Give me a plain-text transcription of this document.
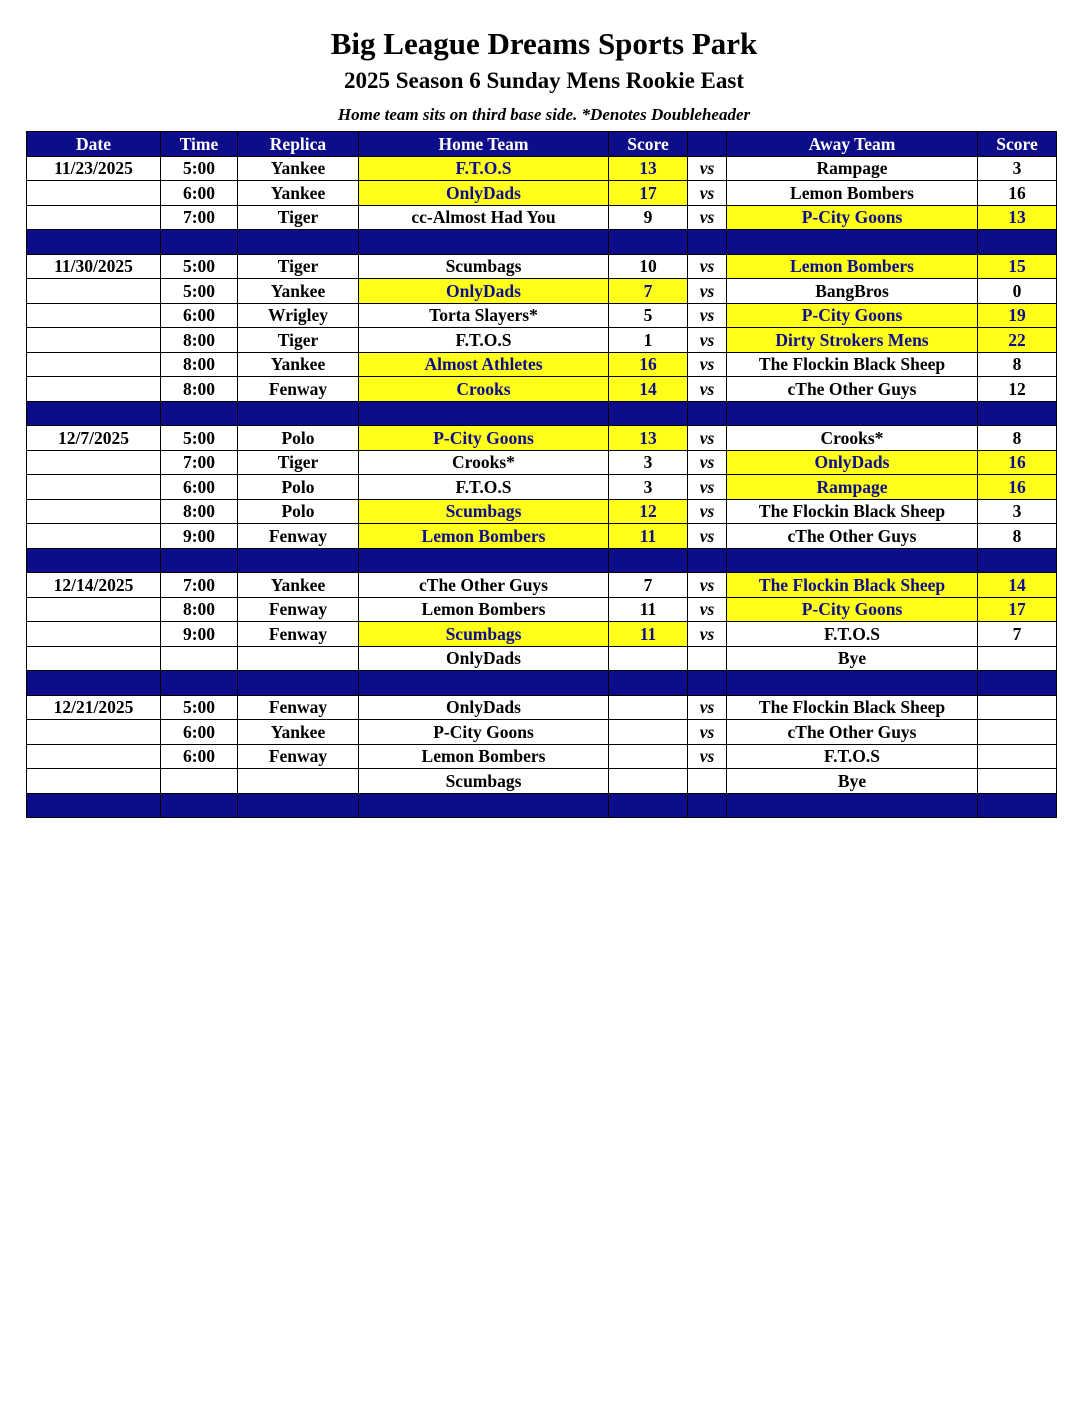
Big League Dreams Sports Park
2025 Season 6 Sunday Mens Rookie East
Home team sits on third base side. *Denotes Doubleheader
Date	Time	Replica	Home Team	Score		Away Team	Score
11/23/2025	5:00	Yankee	F.T.O.S	13	vs	Rampage	3
	6:00	Yankee	OnlyDads	17	vs	Lemon Bombers	16
	7:00	Tiger	cc-Almost Had You	9	vs	P-City Goons	13

11/30/2025	5:00	Tiger	Scumbags	10	vs	Lemon Bombers	15
	5:00	Yankee	OnlyDads	7	vs	BangBros	0
	6:00	Wrigley	Torta Slayers*	5	vs	P-City Goons	19
	8:00	Tiger	F.T.O.S	1	vs	Dirty Strokers Mens	22
	8:00	Yankee	Almost Athletes	16	vs	The Flockin Black Sheep	8
	8:00	Fenway	Crooks	14	vs	cThe Other Guys	12

12/7/2025	5:00	Polo	P-City Goons	13	vs	Crooks*	8
	7:00	Tiger	Crooks*	3	vs	OnlyDads	16
	6:00	Polo	F.T.O.S	3	vs	Rampage	16
	8:00	Polo	Scumbags	12	vs	The Flockin Black Sheep	3
	9:00	Fenway	Lemon Bombers	11	vs	cThe Other Guys	8

12/14/2025	7:00	Yankee	cThe Other Guys	7	vs	The Flockin Black Sheep	14
	8:00	Fenway	Lemon Bombers	11	vs	P-City Goons	17
	9:00	Fenway	Scumbags	11	vs	F.T.O.S	7
			OnlyDads			Bye	

12/21/2025	5:00	Fenway	OnlyDads		vs	The Flockin Black Sheep	
	6:00	Yankee	P-City Goons		vs	cThe Other Guys	
	6:00	Fenway	Lemon Bombers		vs	F.T.O.S	
			Scumbags			Bye	
